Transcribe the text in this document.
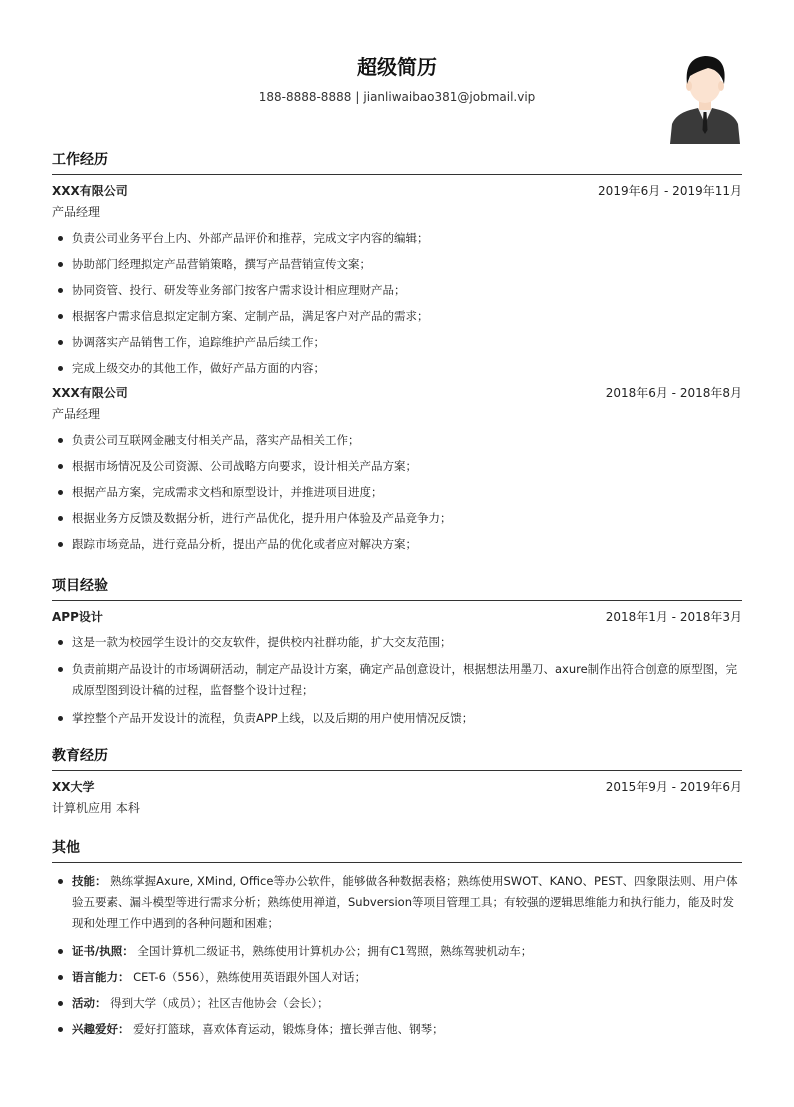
超级简历
188-8888-8888 | jianliwaibao381@jobmail.vip
工作经历
XXX有限公司	2019年6月 - 2019年11月
产品经理
负责公司业务平台上内、外部产品评价和推荐，完成文字内容的编辑；
协助部门经理拟定产品营销策略，撰写产品营销宣传文案；
协同资管、投行、研发等业务部门按客户需求设计相应理财产品；
根据客户需求信息拟定定制方案、定制产品，满足客户对产品的需求；
协调落实产品销售工作，追踪维护产品后续工作；
完成上级交办的其他工作，做好产品方面的内容；
XXX有限公司	2018年6月 - 2018年8月
产品经理
负责公司互联网金融支付相关产品，落实产品相关工作；
根据市场情况及公司资源、公司战略方向要求，设计相关产品方案；
根据产品方案，完成需求文档和原型设计，并推进项目进度；
根据业务方反馈及数据分析，进行产品优化，提升用户体验及产品竞争力；
跟踪市场竞品，进行竞品分析，提出产品的优化或者应对解决方案；
项目经验
APP设计	2018年1月 - 2018年3月
这是一款为校园学生设计的交友软件，提供校内社群功能，扩大交友范围；
负责前期产品设计的市场调研活动，制定产品设计方案，确定产品创意设计，根据想法用墨刀、axure制作出符合创意的原型图，完成原型图到设计稿的过程，监督整个设计过程；
掌控整个产品开发设计的流程，负责APP上线，以及后期的用户使用情况反馈；
教育经历
XX大学	2015年9月 - 2019年6月
计算机应用 本科
其他
技能： 熟练掌握Axure, XMind, Office等办公软件，能够做各种数据表格；熟练使用SWOT、KANO、PEST、四象限法则、用户体验五要素、漏斗模型等进行需求分析；熟练使用禅道，Subversion等项目管理工具；有较强的逻辑思维能力和执行能力，能及时发现和处理工作中遇到的各种问题和困难；
证书/执照： 全国计算机二级证书，熟练使用计算机办公；拥有C1驾照，熟练驾驶机动车；
语言能力： CET-6（556），熟练使用英语跟外国人对话；
活动： 得到大学（成员）；社区吉他协会（会长）；
兴趣爱好： 爱好打篮球，喜欢体育运动，锻炼身体；擅长弹吉他、钢琴；
